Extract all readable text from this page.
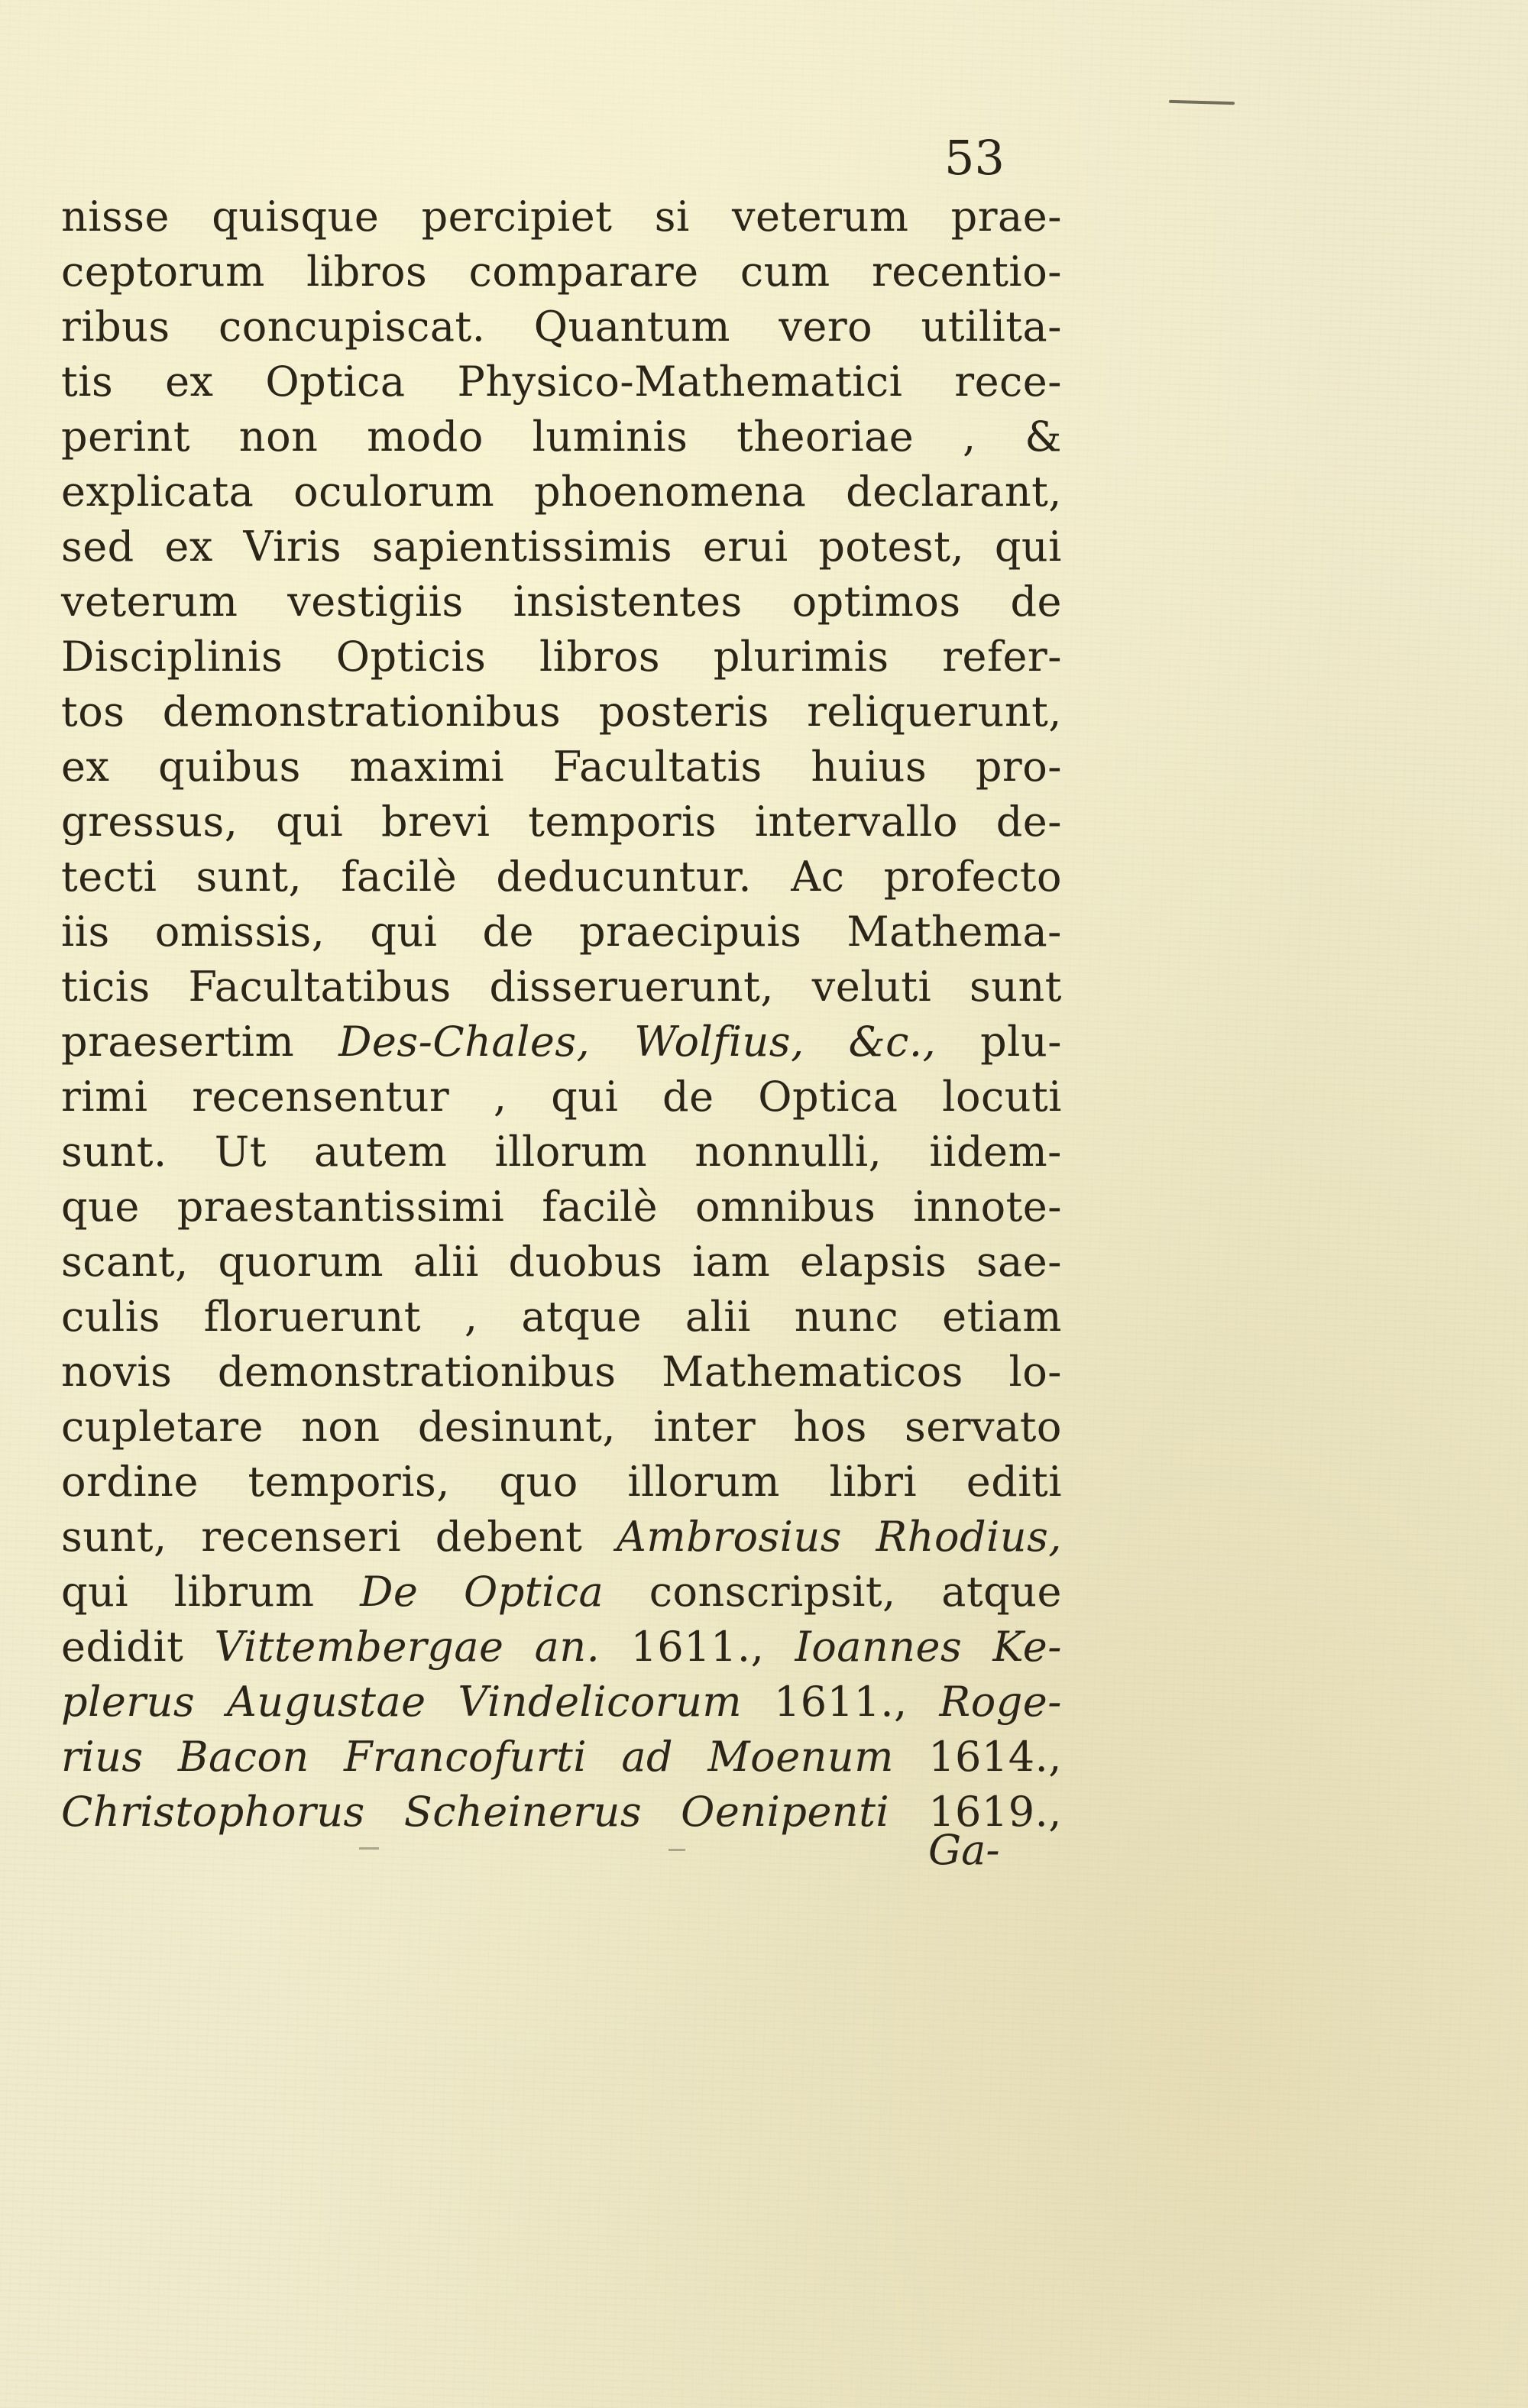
53
nisse quisque percipiet si veterum prae-
ceptorum libros comparare cum recentio-
ribus concupiscat. Quantum vero utilita-
tis ex Optica Physico-Mathematici rece-
perint non modo luminis theoriae , &
explicata oculorum phoenomena declarant,
sed ex Viris sapientissimis erui potest, qui
veterum vestigiis insistentes optimos de
Disciplinis Opticis libros plurimis refer-
tos demonstrationibus posteris reliquerunt,
ex quibus maximi Facultatis huius pro-
gressus, qui brevi temporis intervallo de-
tecti sunt, facilè deducuntur. Ac profecto
iis omissis, qui de praecipuis Mathema-
ticis Facultatibus disseruerunt, veluti sunt
praesertim Des-Chales, Wolfius, &c., plu-
rimi recensentur , qui de Optica locuti
sunt. Ut autem illorum nonnulli, iidem-
que praestantissimi facilè omnibus innote-
scant, quorum alii duobus iam elapsis sae-
culis floruerunt , atque alii nunc etiam
novis demonstrationibus Mathematicos lo-
cupletare non desinunt, inter hos servato
ordine temporis, quo illorum libri editi
sunt, recenseri debent Ambrosius Rhodius,
qui librum De Optica conscripsit, atque
edidit Vittembergae an. 1611., Ioannes Ke-
plerus Augustae Vindelicorum 1611., Roge-
rius Bacon Francofurti ad Moenum 1614.,
Christophorus Scheinerus Oenipenti 1619.,
Ga-
